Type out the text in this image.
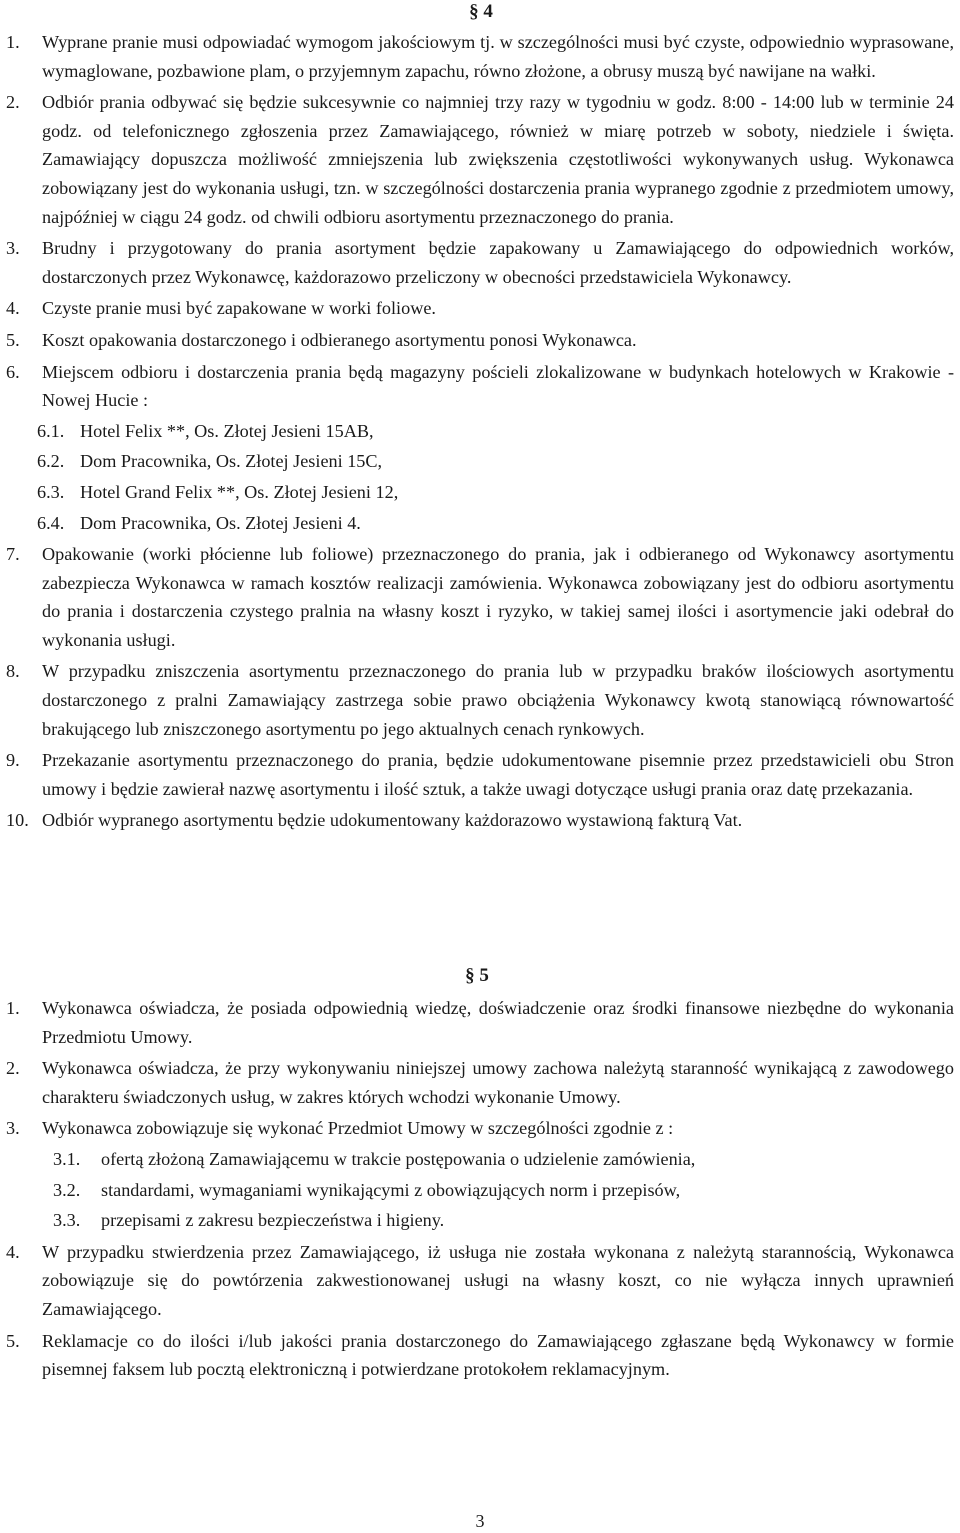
§ 4
1. Wyprane pranie musi odpowiadać wymogom jakościowym tj. w szczególności musi być czyste, odpowiednio wyprasowane, wymaglowane, pozbawione plam, o przyjemnym zapachu, równo złożone, a obrusy muszą być nawijane na wałki.
2. Odbiór prania odbywać się będzie sukcesywnie co najmniej trzy razy w tygodniu w godz. 8:00 - 14:00 lub w terminie 24 godz. od telefonicznego zgłoszenia przez Zamawiającego, również w miarę potrzeb w soboty, niedziele i święta. Zamawiający dopuszcza możliwość zmniejszenia lub zwiększenia częstotliwości wykonywanych usług. Wykonawca zobowiązany jest do wykonania usługi, tzn. w szczególności dostarczenia prania wypranego zgodnie z przedmiotem umowy, najpóźniej w ciągu 24 godz. od chwili odbioru asortymentu przeznaczonego do prania.
3. Brudny i przygotowany do prania asortyment będzie zapakowany u Zamawiającego do odpowiednich worków, dostarczonych przez Wykonawcę, każdorazowo przeliczony w obecności przedstawiciela Wykonawcy.
4. Czyste pranie musi być zapakowane w worki foliowe.
5. Koszt opakowania dostarczonego i odbieranego asortymentu ponosi Wykonawca.
6. Miejscem odbioru i dostarczenia prania będą magazyny pościeli zlokalizowane w budynkach hotelowych w Krakowie - Nowej Hucie :
6.1. Hotel Felix **, Os. Złotej Jesieni 15AB,
6.2. Dom Pracownika, Os. Złotej Jesieni 15C,
6.3. Hotel Grand Felix **, Os. Złotej Jesieni 12,
6.4. Dom Pracownika, Os. Złotej Jesieni 4.
7. Opakowanie (worki płócienne lub foliowe) przeznaczonego do prania, jak i odbieranego od Wykonawcy asortymentu zabezpiecza Wykonawca w ramach kosztów realizacji zamówienia. Wykonawca zobowiązany jest do odbioru asortymentu do prania i dostarczenia czystego pralnia na własny koszt i ryzyko, w takiej samej ilości i asortymencie jaki odebrał do wykonania usługi.
8. W przypadku zniszczenia asortymentu przeznaczonego do prania lub w przypadku braków ilościowych asortymentu dostarczonego z pralni Zamawiający zastrzega sobie prawo obciążenia Wykonawcy kwotą stanowiącą równowartość brakującego lub zniszczonego asortymentu po jego aktualnych cenach rynkowych.
9. Przekazanie asortymentu przeznaczonego do prania, będzie udokumentowane pisemnie przez przedstawicieli obu Stron umowy i będzie zawierał nazwę asortymentu i ilość sztuk, a także uwagi dotyczące usługi prania oraz datę przekazania.
10. Odbiór wypranego asortymentu będzie udokumentowany każdorazowo wystawioną fakturą Vat.
§ 5
1. Wykonawca oświadcza, że posiada odpowiednią wiedzę, doświadczenie oraz środki finansowe niezbędne do wykonania Przedmiotu Umowy.
2. Wykonawca oświadcza, że przy wykonywaniu niniejszej umowy zachowa należytą staranność wynikającą z zawodowego charakteru świadczonych usług, w zakres których wchodzi wykonanie Umowy.
3. Wykonawca zobowiązuje się wykonać Przedmiot Umowy w szczególności zgodnie z :
3.1. ofertą złożoną Zamawiającemu w trakcie postępowania o udzielenie zamówienia,
3.2. standardami, wymaganiami wynikającymi z obowiązujących norm i przepisów,
3.3. przepisami z zakresu bezpieczeństwa i higieny.
4. W przypadku stwierdzenia przez Zamawiającego, iż usługa nie została wykonana z należytą starannością, Wykonawca zobowiązuje się do powtórzenia zakwestionowanej usługi na własny koszt, co nie wyłącza innych uprawnień Zamawiającego.
5. Reklamacje co do ilości i/lub jakości prania dostarczonego do Zamawiającego zgłaszane będą Wykonawcy w formie pisemnej faksem lub pocztą elektroniczną i potwierdzane protokołem reklamacyjnym.
3
